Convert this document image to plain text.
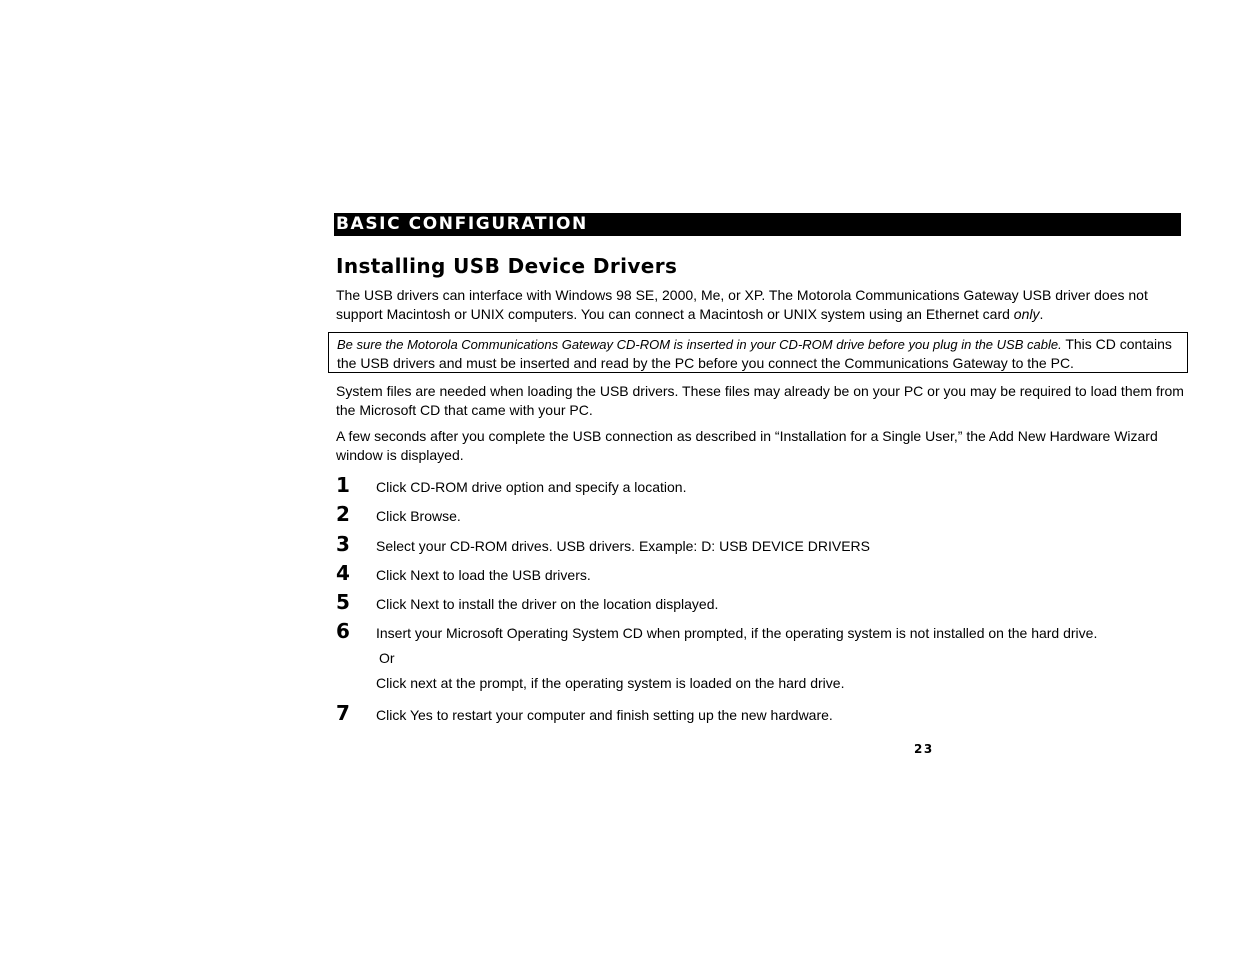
BASIC CONFIGURATION
Installing USB Device Drivers

The USB drivers can interface with Windows 98 SE, 2000, Me, or XP. The Motorola Communications Gateway USB driver does not support Macintosh or UNIX computers. You can connect a Macintosh or UNIX system using an Ethernet card only.

Be sure the Motorola Communications Gateway CD-ROM is inserted in your CD-ROM drive before you plug in the USB cable. This CD contains the USB drivers and must be inserted and read by the PC before you connect the Communications Gateway to the PC.

System files are needed when loading the USB drivers. These files may already be on your PC or you may be required to load them from the Microsoft CD that came with your PC.

A few seconds after you complete the USB connection as described in “Installation for a Single User,” the Add New Hardware Wizard window is displayed.

1 Click CD-ROM drive option and specify a location.
2 Click Browse.
3 Select your CD-ROM drives. USB drivers. Example: D: USB DEVICE DRIVERS
4 Click Next to load the USB drivers.
5 Click Next to install the driver on the location displayed.
6 Insert your Microsoft Operating System CD when prompted, if the operating system is not installed on the hard drive.
Or
Click next at the prompt, if the operating system is loaded on the hard drive.
7 Click Yes to restart your computer and finish setting up the new hardware.
23
